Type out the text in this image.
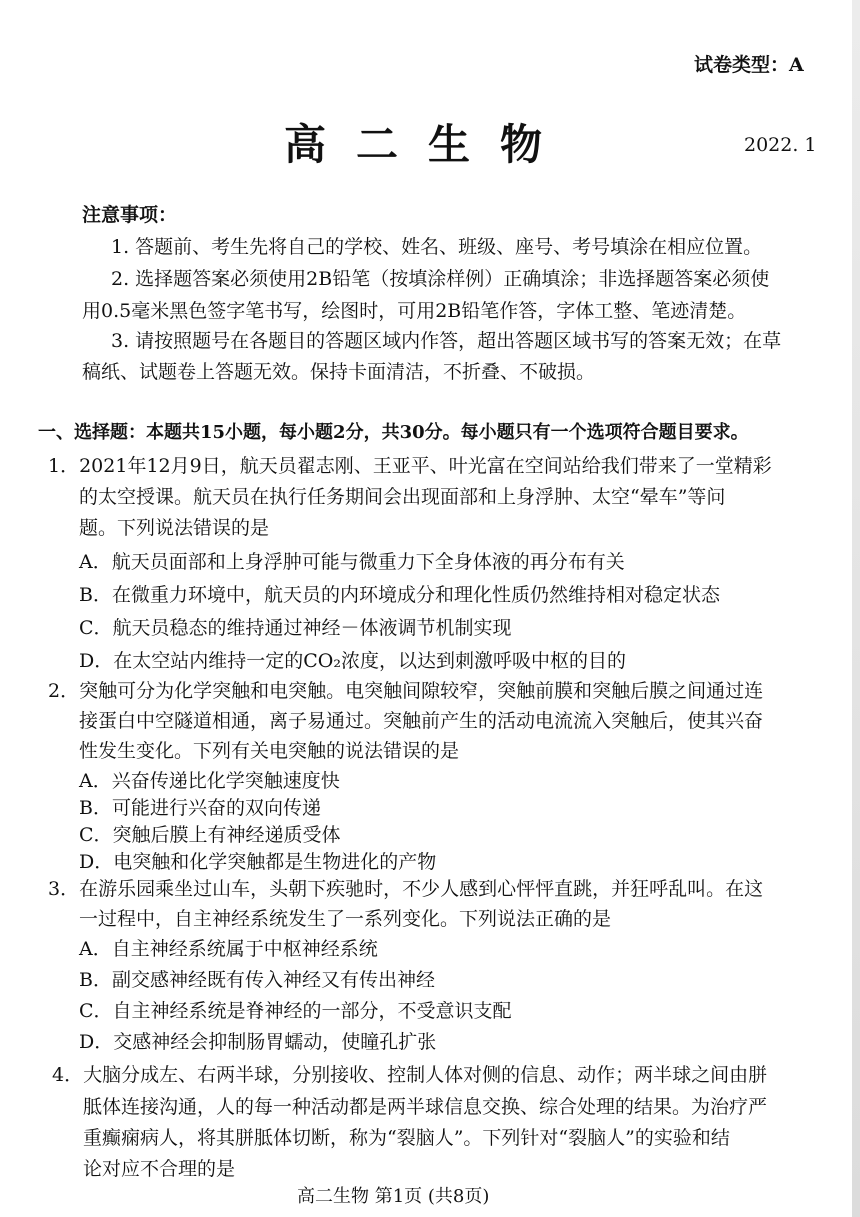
试卷类型：A
高二生物	2022. 1
注意事项：
1. 答题前、考生先将自己的学校、姓名、班级、座号、考号填涂在相应位置。
2. 选择题答案必须使用2B铅笔（按填涂样例）正确填涂；非选择题答案必须使
用0.5毫米黑色签字笔书写，绘图时，可用2B铅笔作答，字体工整、笔迹清楚。
3. 请按照题号在各题目的答题区域内作答，超出答题区域书写的答案无效；在草
稿纸、试题卷上答题无效。保持卡面清洁，不折叠、不破损。
一、选择题：本题共15小题，每小题2分，共30分。每小题只有一个选项符合题目要求。
1．2021年12月9日，航天员翟志刚、王亚平、叶光富在空间站给我们带来了一堂精彩
的太空授课。航天员在执行任务期间会出现面部和上身浮肿、太空“晕车”等问
题。下列说法错误的是
A．航天员面部和上身浮肿可能与微重力下全身体液的再分布有关
B．在微重力环境中，航天员的内环境成分和理化性质仍然维持相对稳定状态
C．航天员稳态的维持通过神经－体液调节机制实现
D．在太空站内维持一定的CO₂浓度，以达到刺激呼吸中枢的目的
2．突触可分为化学突触和电突触。电突触间隙较窄，突触前膜和突触后膜之间通过连
接蛋白中空隧道相通，离子易通过。突触前产生的活动电流流入突触后，使其兴奋
性发生变化。下列有关电突触的说法错误的是
A．兴奋传递比化学突触速度快
B．可能进行兴奋的双向传递
C．突触后膜上有神经递质受体
D．电突触和化学突触都是生物进化的产物
3．在游乐园乘坐过山车，头朝下疾驰时，不少人感到心怦怦直跳，并狂呼乱叫。在这
一过程中，自主神经系统发生了一系列变化。下列说法正确的是
A．自主神经系统属于中枢神经系统
B．副交感神经既有传入神经又有传出神经
C．自主神经系统是脊神经的一部分，不受意识支配
D．交感神经会抑制肠胃蠕动，使瞳孔扩张
高二生物 第1页 (共8页)
4．大脑分成左、右两半球，分别接收、控制人体对侧的信息、动作；两半球之间由胼
胝体连接沟通，人的每一种活动都是两半球信息交换、综合处理的结果。为治疗严
重癫痫病人，将其胼胝体切断，称为“裂脑人”。下列针对“裂脑人”的实验和结
论对应不合理的是
